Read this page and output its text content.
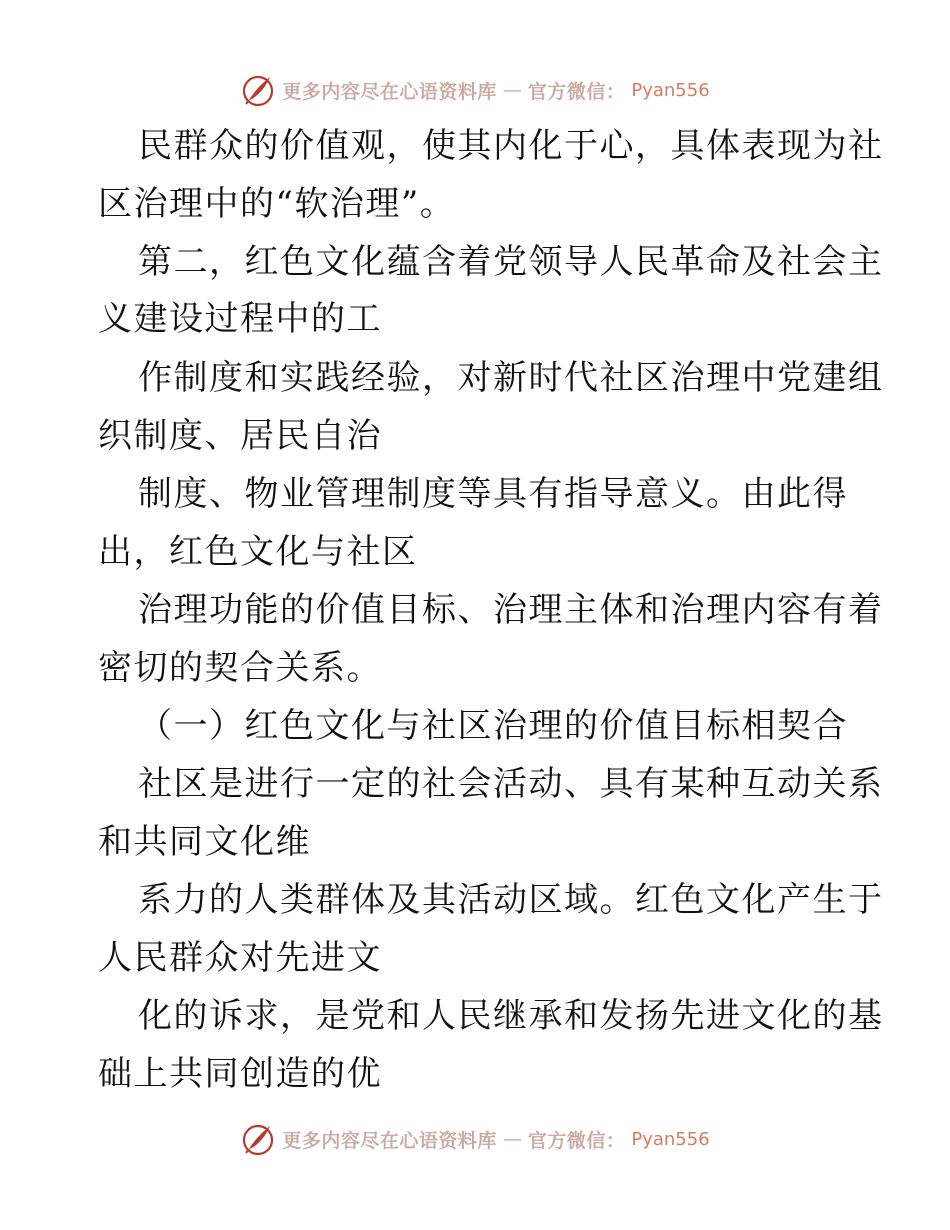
更多内容尽在心语资料库 — 官方微信： Pyan556
民群众的价值观，使其内化于心，具体表现为社
区治理中的“软治理”。
第二，红色文化蕴含着党领导人民革命及社会主
义建设过程中的工
作制度和实践经验，对新时代社区治理中党建组
织制度、居民自治
制度、物业管理制度等具有指导意义。由此得
出，红色文化与社区
治理功能的价值目标、治理主体和治理内容有着
密切的契合关系。
（一）红色文化与社区治理的价值目标相契合
社区是进行一定的社会活动、具有某种互动关系
和共同文化维
系力的人类群体及其活动区域。红色文化产生于
人民群众对先进文
化的诉求，是党和人民继承和发扬先进文化的基
础上共同创造的优
更多内容尽在心语资料库 — 官方微信： Pyan556
